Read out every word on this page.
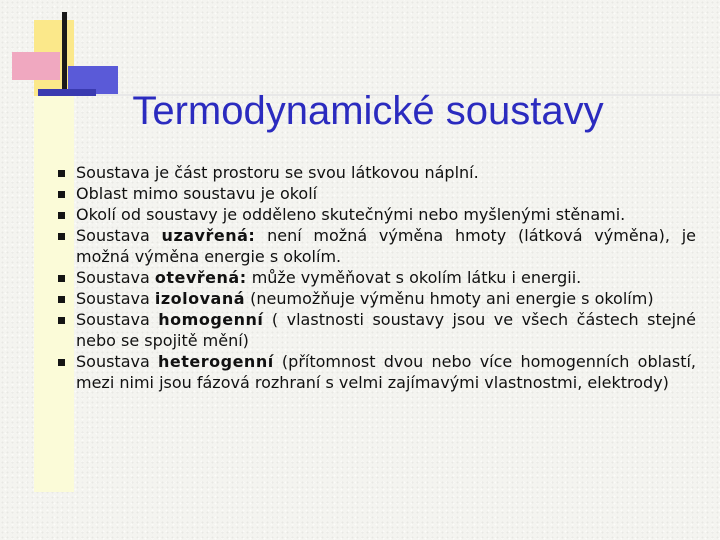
Termodynamické soustavy
Soustava je část prostoru se svou látkovou náplní.
Oblast mimo soustavu je okolí
Okolí od soustavy je odděleno skutečnými nebo myšlenými stěnami.
Soustava uzavřená: není možná výměna hmoty (látková výměna), je možná výměna energie s okolím.
Soustava otevřená: může vyměňovat s okolím látku i energii.
Soustava izolovaná (neumožňuje výměnu hmoty ani energie s okolím)
Soustava homogenní ( vlastnosti soustavy jsou ve všech částech stejné nebo se spojitě mění)
Soustava heterogenní (přítomnost dvou nebo více homogenních oblastí, mezi nimi jsou fázová rozhraní s velmi zajímavými vlastnostmi, elektrody)
